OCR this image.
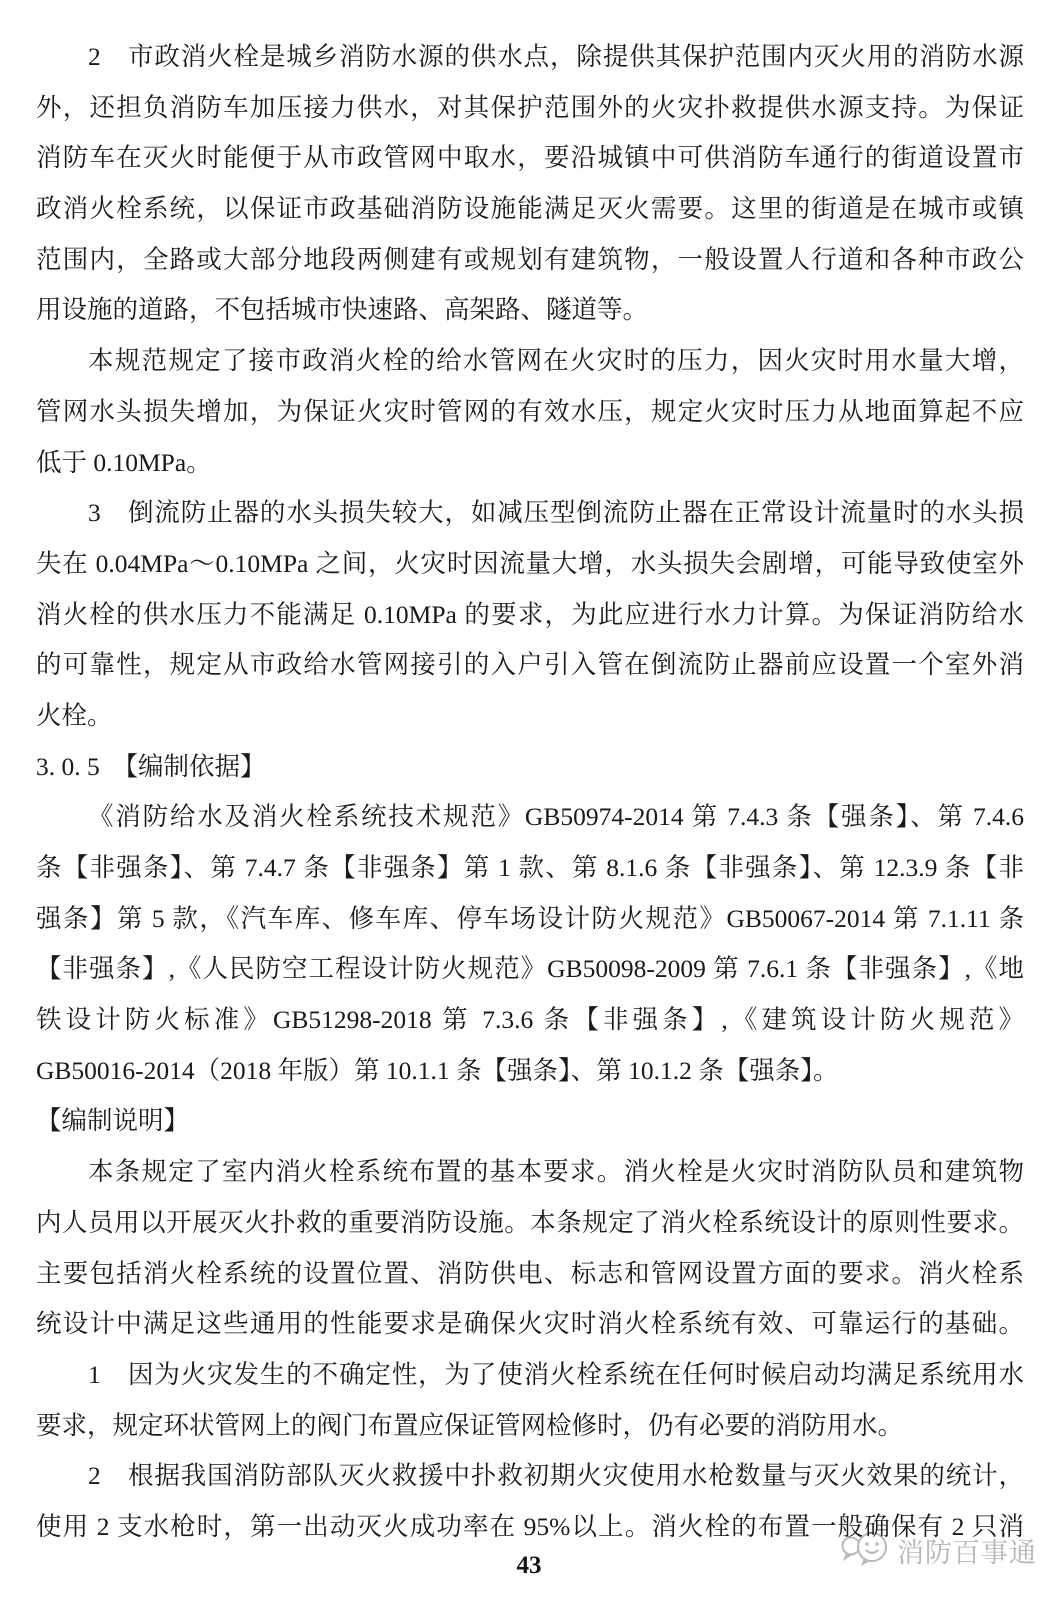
消防百事通
2　市政消火栓是城乡消防水源的供水点，除提供其保护范围内灭火用的消防水源
外，还担负消防车加压接力供水，对其保护范围外的火灾扑救提供水源支持。为保证
消防车在灭火时能便于从市政管网中取水，要沿城镇中可供消防车通行的街道设置市
政消火栓系统，以保证市政基础消防设施能满足灭火需要。这里的街道是在城市或镇
范围内，全路或大部分地段两侧建有或规划有建筑物，一般设置人行道和各种市政公
用设施的道路，不包括城市快速路、高架路、隧道等。
本规范规定了接市政消火栓的给水管网在火灾时的压力，因火灾时用水量大增，
管网水头损失增加，为保证火灾时管网的有效水压，规定火灾时压力从地面算起不应
低于 0.10MPa。
3　倒流防止器的水头损失较大，如减压型倒流防止器在正常设计流量时的水头损
失在 0.04MPa～0.10MPa 之间，火灾时因流量大增，水头损失会剧增，可能导致使室外
消火栓的供水压力不能满足 0.10MPa 的要求，为此应进行水力计算。为保证消防给水
的可靠性，规定从市政给水管网接引的入户引入管在倒流防止器前应设置一个室外消
火栓。
3. 0. 5　【编制依据】
《消防给水及消火栓系统技术规范》GB50974-2014 第 7.4.3 条【强条】、第 7.4.6
条【非强条】、第 7.4.7 条【非强条】第 1 款、第 8.1.6 条【非强条】、第 12.3.9 条【非
强条】第 5 款，《汽车库、修车库、停车场设计防火规范》GB50067-2014 第 7.1.11 条
【非强条】,《人民防空工程设计防火规范》GB50098-2009 第 7.6.1 条【非强条】,《地
铁设计防火标准》GB51298-2018 第 7.3.6 条【非强条】,《建筑设计防火规范》
GB50016-2014（2018 年版）第 10.1.1 条【强条】、第 10.1.2 条【强条】。
【编制说明】
本条规定了室内消火栓系统布置的基本要求。消火栓是火灾时消防队员和建筑物
内人员用以开展灭火扑救的重要消防设施。本条规定了消火栓系统设计的原则性要求。
主要包括消火栓系统的设置位置、消防供电、标志和管网设置方面的要求。消火栓系
统设计中满足这些通用的性能要求是确保火灾时消火栓系统有效、可靠运行的基础。
1　因为火灾发生的不确定性，为了使消火栓系统在任何时候启动均满足系统用水
要求，规定环状管网上的阀门布置应保证管网检修时，仍有必要的消防用水。
2　根据我国消防部队灭火救援中扑救初期火灾使用水枪数量与灭火效果的统计，
使用 2 支水枪时，第一出动灭火成功率在 95%以上。消火栓的布置一般确保有 2 只消
43
